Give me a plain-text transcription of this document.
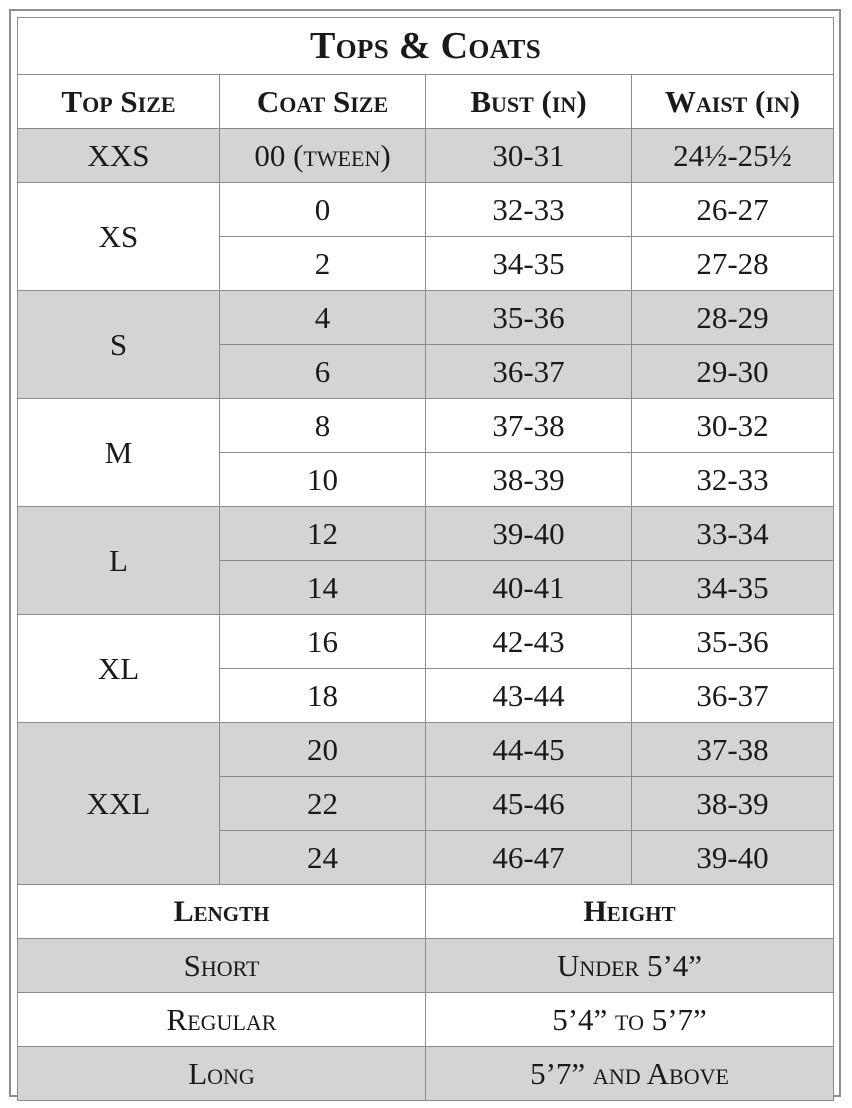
Tops & Coats			
Top Size	Coat Size	Bust (in)	Waist (in)
XXS	00 (tween)	30-31	24½-25½
XS	0	32-33	26-27
	2	34-35	27-28
S	4	35-36	28-29
	6	36-37	29-30
M	8	37-38	30-32
	10	38-39	32-33
L	12	39-40	33-34
	14	40-41	34-35
XL	16	42-43	35-36
	18	43-44	36-37
XXL	20	44-45	37-38
	22	45-46	38-39
	24	46-47	39-40
Length		Height	
Short		Under 5’4”	
Regular		5’4” to 5’7”	
Long		5’7” and Above	
